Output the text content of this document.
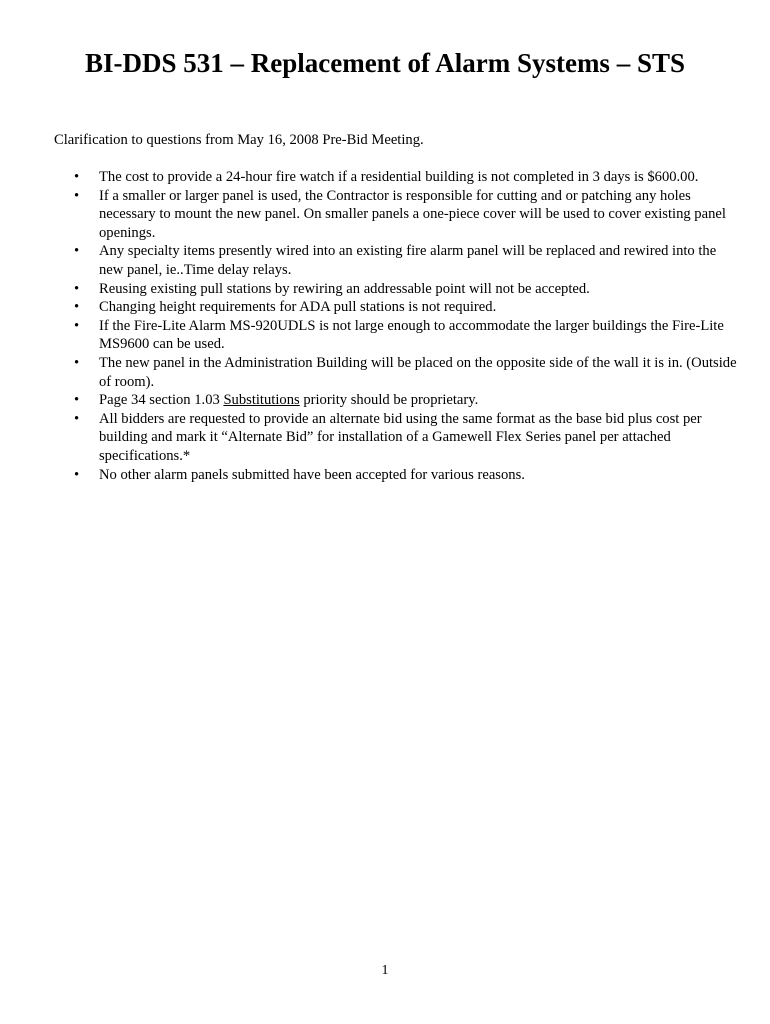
BI-DDS 531 – Replacement of Alarm Systems – STS

Clarification to questions from May 16, 2008 Pre-Bid Meeting.

•	The cost to provide a 24-hour fire watch if a residential building is not completed in 3 days is $600.00.
•	If a smaller or larger panel is used, the Contractor is responsible for cutting and or patching any holes necessary to mount the new panel. On smaller panels a one-piece cover will be used to cover existing panel openings.
•	Any specialty items presently wired into an existing fire alarm panel will be replaced and rewired into the new panel, ie..Time delay relays.
•	Reusing existing pull stations by rewiring an addressable point will not be accepted.
•	Changing height requirements for ADA pull stations is not required.
•	If the Fire-Lite Alarm MS-920UDLS is not large enough to accommodate the larger buildings the Fire-Lite MS9600 can be used.
•	The new panel in the Administration Building will be placed on the opposite side of the wall it is in. (Outside of room).
•	Page 34 section 1.03 Substitutions priority should be proprietary.
•	All bidders are requested to provide an alternate bid using the same format as the base bid plus cost per building and mark it “Alternate Bid” for installation of a Gamewell Flex Series panel per attached specifications.*
•	No other alarm panels submitted have been accepted for various reasons.

1
